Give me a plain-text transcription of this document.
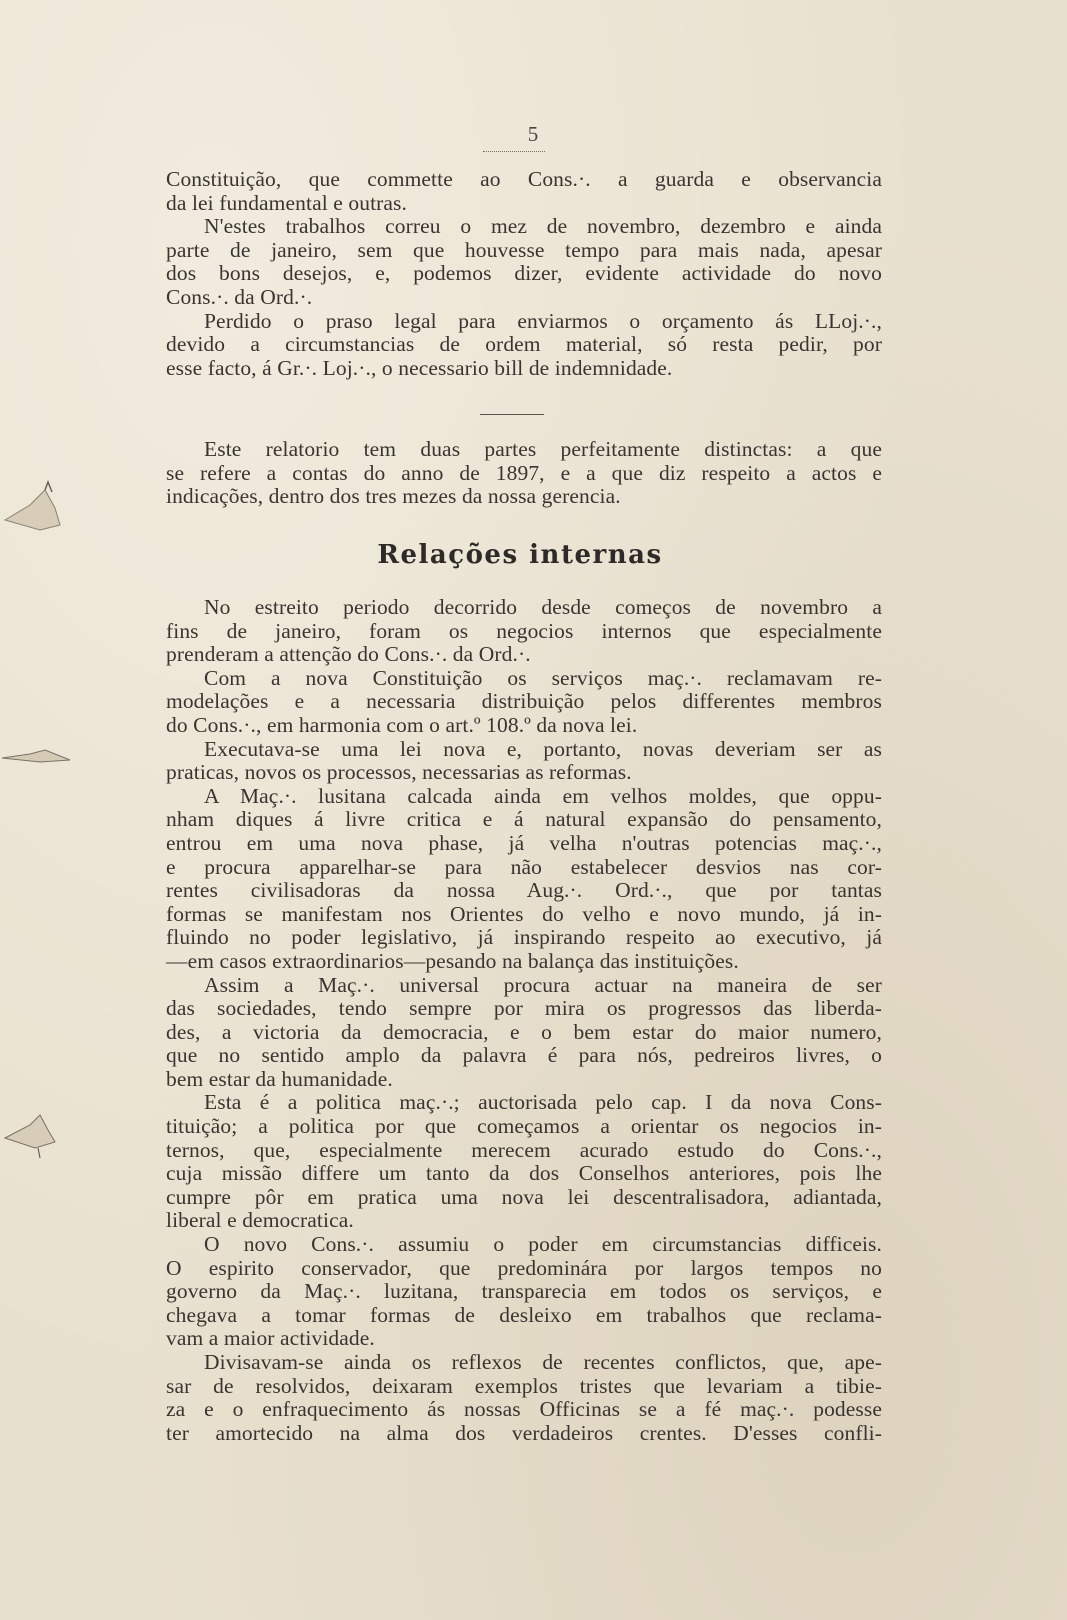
5
Constituição, que commette ao Cons.·. a guarda e observancia
da lei fundamental e outras.
N'estes trabalhos correu o mez de novembro, dezembro e ainda
parte de janeiro, sem que houvesse tempo para mais nada, apesar
dos bons desejos, e, podemos dizer, evidente actividade do novo
Cons.·. da Ord.·.
Perdido o praso legal para enviarmos o orçamento ás LLoj.·.,
devido a circumstancias de ordem material, só resta pedir, por
esse facto, á Gr.·. Loj.·., o necessario bill de indemnidade.
Este relatorio tem duas partes perfeitamente distinctas: a que
se refere a contas do anno de 1897, e a que diz respeito a actos e
indicações, dentro dos tres mezes da nossa gerencia.
Relações internas
No estreito periodo decorrido desde começos de novembro a
fins de janeiro, foram os negocios internos que especialmente
prenderam a attenção do Cons.·. da Ord.·.
Com a nova Constituição os serviços maç.·. reclamavam re-
modelações e a necessaria distribuição pelos differentes membros
do Cons.·., em harmonia com o art.º 108.º da nova lei.
Executava-se uma lei nova e, portanto, novas deveriam ser as
praticas, novos os processos, necessarias as reformas.
A Maç.·. lusitana calcada ainda em velhos moldes, que oppu-
nham diques á livre critica e á natural expansão do pensamento,
entrou em uma nova phase, já velha n'outras potencias maç.·.,
e procura apparelhar-se para não estabelecer desvios nas cor-
rentes civilisadoras da nossa Aug.·. Ord.·., que por tantas
formas se manifestam nos Orientes do velho e novo mundo, já in-
fluindo no poder legislativo, já inspirando respeito ao executivo, já
—em casos extraordinarios—pesando na balança das instituições.
Assim a Maç.·. universal procura actuar na maneira de ser
das sociedades, tendo sempre por mira os progressos das liberda-
des, a victoria da democracia, e o bem estar do maior numero,
que no sentido amplo da palavra é para nós, pedreiros livres, o
bem estar da humanidade.
Esta é a politica maç.·.; auctorisada pelo cap. I da nova Cons-
tituição; a politica por que começamos a orientar os negocios in-
ternos, que, especialmente merecem acurado estudo do Cons.·.,
cuja missão differe um tanto da dos Conselhos anteriores, pois lhe
cumpre pôr em pratica uma nova lei descentralisadora, adiantada,
liberal e democratica.
O novo Cons.·. assumiu o poder em circumstancias difficeis.
O espirito conservador, que predominára por largos tempos no
governo da Maç.·. luzitana, transparecia em todos os serviços, e
chegava a tomar formas de desleixo em trabalhos que reclama-
vam a maior actividade.
Divisavam-se ainda os reflexos de recentes conflictos, que, ape-
sar de resolvidos, deixaram exemplos tristes que levariam a tibie-
za e o enfraquecimento ás nossas Officinas se a fé maç.·. podesse
ter amortecido na alma dos verdadeiros crentes. D'esses confli-
